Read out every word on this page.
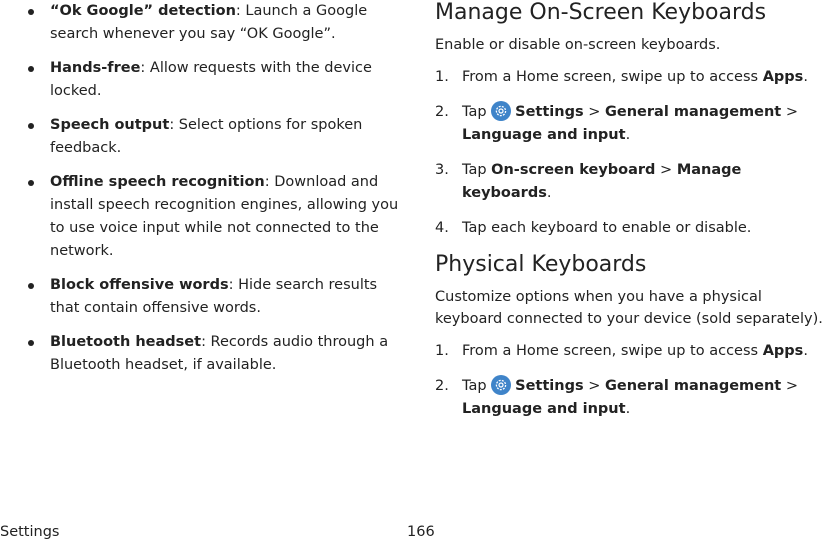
“Ok Google” detection: Launch a Google search whenever you say “OK Google”.
Hands-free: Allow requests with the device locked.
Speech output: Select options for spoken feedback.
Offline speech recognition: Download and install speech recognition engines, allowing you to use voice input while not connected to the network.
Block offensive words: Hide search results that contain offensive words.
Bluetooth headset: Records audio through a Bluetooth headset, if available.
Manage On-Screen Keyboards

Enable or disable on-screen keyboards.

1. From a Home screen, swipe up to access Apps.
2. Tap
Settings > General management > Language and input.
3. Tap On-screen keyboard > Manage keyboards.
4. Tap each keyboard to enable or disable.
Physical Keyboards

Customize options when you have a physical keyboard connected to your device (sold separately).

1. From a Home screen, swipe up to access Apps.
2. Tap
Settings > General management > Language and input.
Settings	166
